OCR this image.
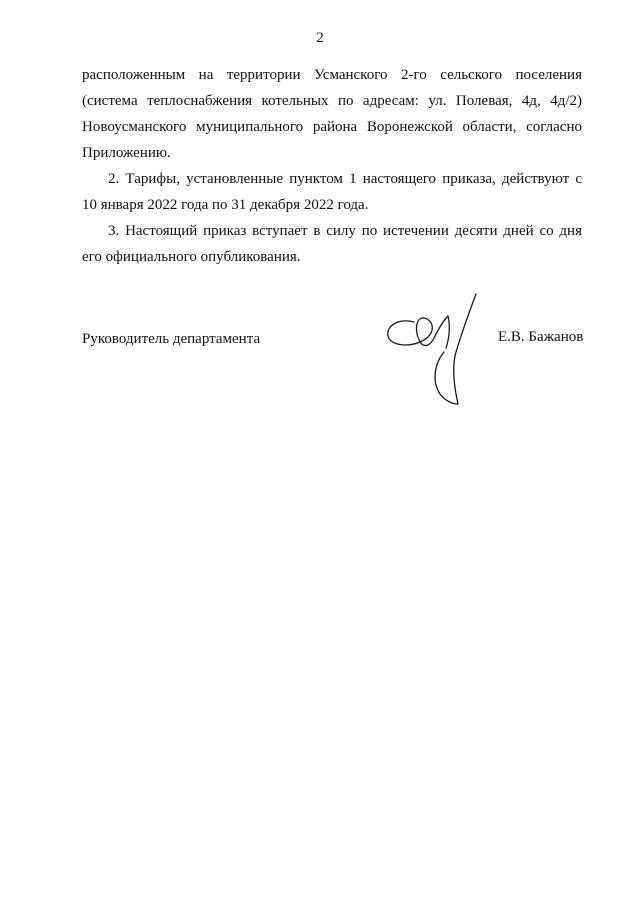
2
расположенным на территории Усманского 2-го сельского поселения
(система теплоснабжения котельных по адресам: ул. Полевая, 4д, 4д/2)
Новоусманского муниципального района Воронежской области, согласно
Приложению.
2. Тарифы, установленные пунктом 1 настоящего приказа, действуют с
10 января 2022 года по 31 декабря 2022 года.
3. Настоящий приказ вступает в силу по истечении десяти дней со дня
его официального опубликования.
Руководитель департамента	Е.В. Бажанов
